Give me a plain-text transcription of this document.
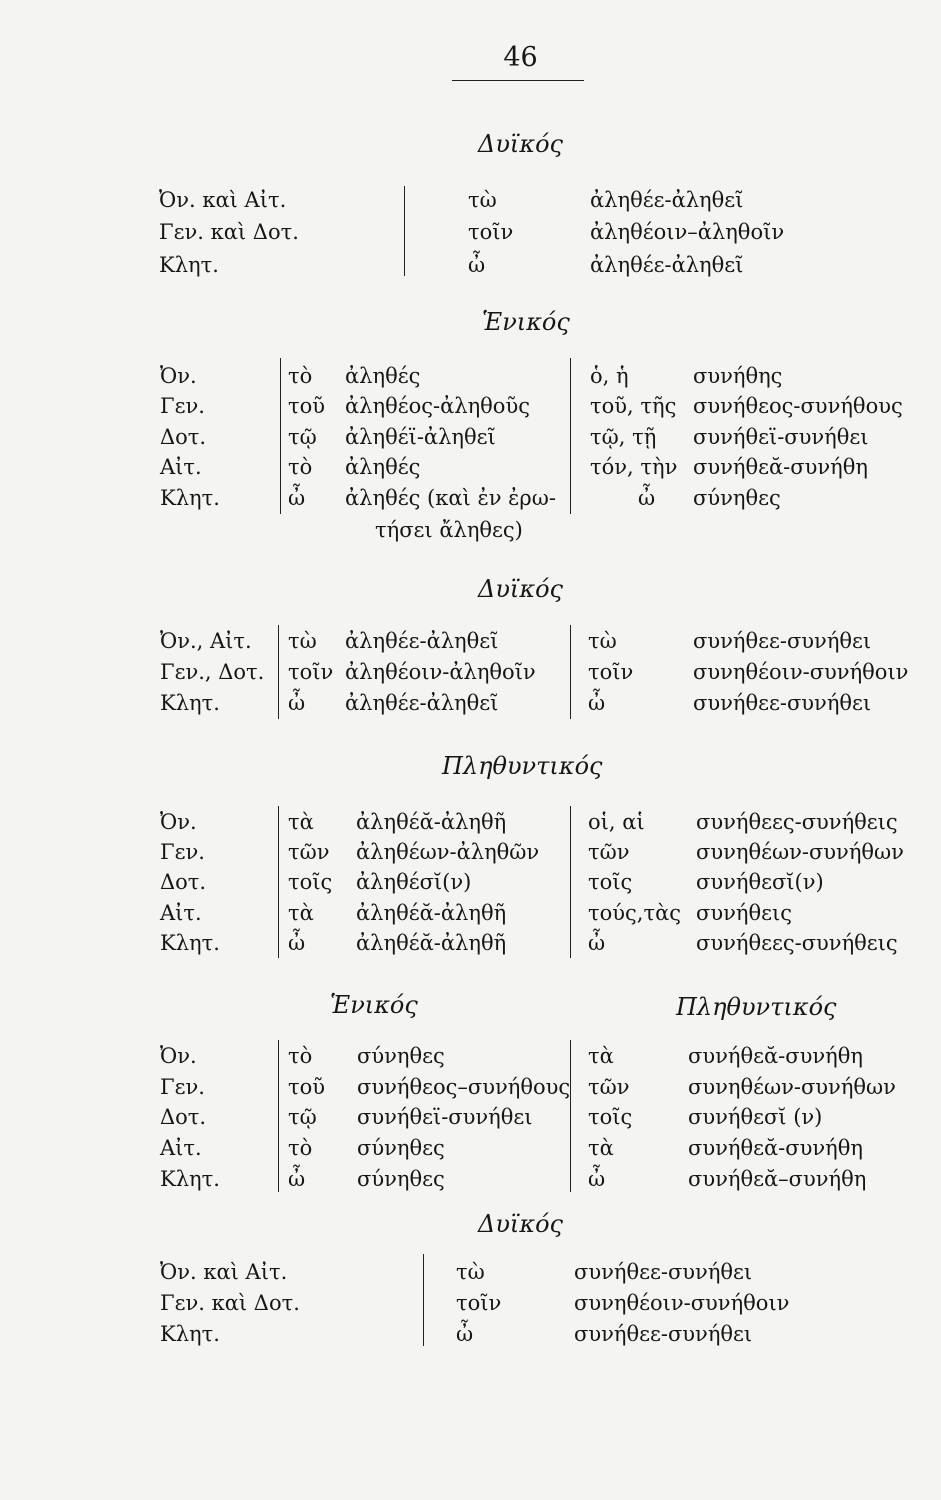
46
Δυϊκός
Ὀν. καὶ Αἰτ.	τὼ	ἀληθέε-ἀληθεῖ
Γεν. καὶ Δοτ.	τοῖν	ἀληθέοιν–ἀληθοῖν
Κλητ.	ὦ	ἀληθέε-ἀληθεῖ
Ἑνικός
Ὀν.	τὸ ἀληθές	ὁ, ἡ	συνήθης
Γεν.	τοῦ ἀληθέος-ἀληθοῦς	τοῦ, τῆς συνήθεος-συνήθους
Δοτ.	τῷ ἀληθέϊ-ἀληθεῖ	τῷ, τῇ συνήθεϊ-συνήθει
Αἰτ.	τὸ ἀληθές	τόν, τὴν συνήθεᾰ-συνήθη
Κλητ.	ὦ ἀληθές (καὶ ἐν ἐρω-	ὦ σύνηθες
τήσει ἄληθες)
Δυϊκός
Ὀν., Αἰτ. τὼ ἀληθέε-ἀληθεῖ	τὼ	συνήθεε-συνήθει
Γεν., Δοτ. τοῖν ἀληθέοιν-ἀληθοῖν τοῖν	συνηθέοιν-συνήθοιν
Κλητ.	ὦ ἀληθέε-ἀληθεῖ	ὦ	συνήθεε-συνήθει
Πληθυντικός
Ὀν.	τὰ ἀληθέᾰ-ἀληθῆ	οἱ, αἱ συνήθεες-συνήθεις
Γεν.	τῶν ἀληθέων-ἀληθῶν τῶν	συνηθέων-συνήθων
Δοτ.	τοῖς ἀληθέσῐ(ν)	τοῖς	συνήθεσῐ(ν)
Αἰτ.	τὰ ἀληθέᾰ-ἀληθῆ	τούς,τὰς συνήθεις
Κλητ.	ὦ ἀληθέᾰ-ἀληθῆ	ὦ	συνήθεες-συνήθεις
Ἑνικός	Πληθυντικός
Ὀν.	τὸ σύνηθες	τὰ	συνήθεᾰ-συνήθη
Γεν.	τοῦ συνήθεος–συνήθους τῶν	συνηθέων-συνήθων
Δοτ.	τῷ συνήθεϊ-συνήθει	τοῖς	συνήθεσῐ (ν)
Αἰτ.	τὸ σύνηθες	τὰ	συνήθεᾰ-συνήθη
Κλητ.	ὦ σύνηθες	ὦ	συνήθεᾰ–συνήθη
Δυϊκός
Ὀν. καὶ Αἰτ.	τὼ	συνήθεε-συνήθει
Γεν. καὶ Δοτ.	τοῖν	συνηθέοιν-συνήθοιν
Κλητ.	ὦ	συνήθεε-συνήθει
